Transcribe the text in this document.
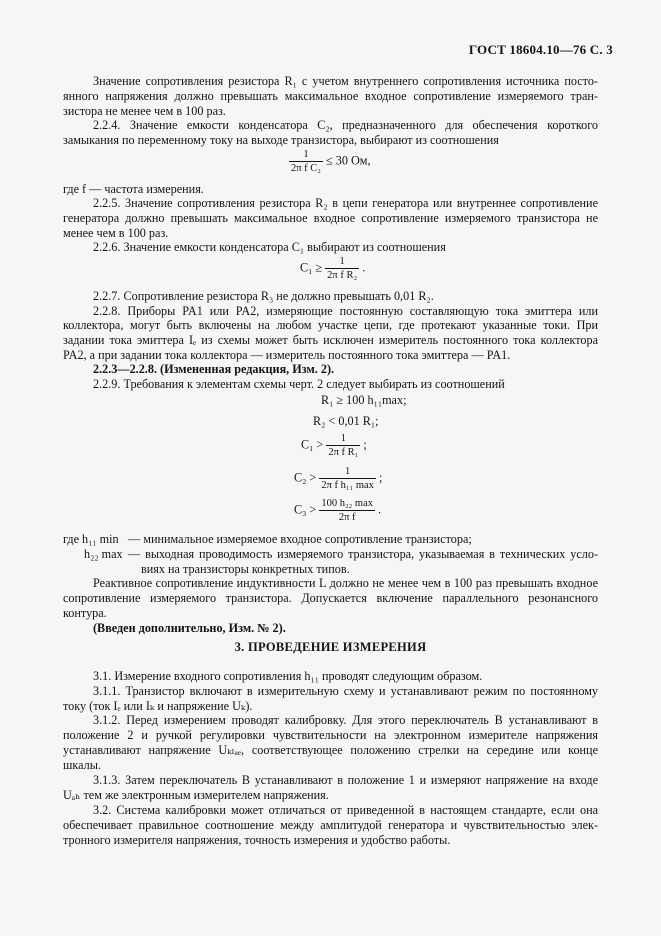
ГОСТ 18604.10—76 С. 3
Значение сопротивления резистора R₁ с учетом внутреннего сопротивления источника посто-
янного напряжения должно превышать максимальное входное сопротивление измеряемого тран-
зистора не менее чем в 100 раз.
2.2.4. Значение емкости конденсатора C₂, предназначенного для обеспечения короткого
замыкания по переменному току на выходе транзистора, выбирают из соотношения
$\frac{1}{\text{2π f C₂}} \le 30$ Ом,
где f — частота измерения.
2.2.5. Значение сопротивления резистора R₂ в цепи генератора или внутреннее сопротивление
генератора должно превышать максимальное входное сопротивление измеряемого транзистора не
менее чем в 100 раз.
2.2.6. Значение емкости конденсатора C₁ выбирают из соотношения
$C_1 \ge \frac{1}{\text{2π f R₂}}$ .
2.2.7. Сопротивление резистора R₃ не должно превышать 0,01 R₂.
2.2.8. Приборы PA1 или PA2, измеряющие постоянную составляющую тока эмиттера или
коллектора, могут быть включены на любом участке цепи, где протекают указанные токи. При
задании тока эмиттера Iₑ из схемы может быть исключен измеритель постоянного тока коллектора
PA2, а при задании тока коллектора — измеритель постоянного тока эмиттера — PA1.
2.2.3—2.2.8. (Измененная редакция, Изм. 2).
2.2.9. Требования к элементам схемы черт. 2 следует выбирать из соотношений
R₁ ≥ 100 h₁₁max;
R₂ < 0,01 R₁;
$C_1 > \frac{1}{\text{2π f R₁}}$ ;
$C_2 > \frac{1}{\text{2π f h₁₁ max}}$ ;
$C_3 > \frac{\text{100 h₂₂ max}}{\text{2π f}}$ .
где h₁₁ min — минимальное измеряемое входное сопротивление транзистора;
h₂₂ max — выходная проводимость измеряемого транзистора, указываемая в технических усло-
виях на транзисторы конкретных типов.
Реактивное сопротивление индуктивности L должно не менее чем в 100 раз превышать входное
сопротивление измеряемого транзистора. Допускается включение параллельного резонансного
контура.
(Введен дополнительно, Изм. № 2).
3. ПРОВЕДЕНИЕ ИЗМЕРЕНИЯ
3.1. Измерение входного сопротивления h₁₁ проводят следующим образом.
3.1.1. Транзистор включают в измерительную схему и устанавливают режим по постоянному
току (ток Iₑ или Iₖ и напряжение Uₖ).
3.1.2. Перед измерением проводят калибровку. Для этого переключатель B устанавливают в
положение 2 и ручкой регулировки чувствительности на электронном измерителе напряжения
устанавливают напряжение Uₖₗₐₑ, соответствующее положению стрелки на середине или конце
шкалы.
3.1.3. Затем переключатель B устанавливают в положение 1 и измеряют напряжение на входе
Uₐₕ тем же электронным измерителем напряжения.
3.2. Система калибровки может отличаться от приведенной в настоящем стандарте, если она
обеспечивает правильное соотношение между амплитудой генератора и чувствительностью элек-
тронного измерителя напряжения, точность измерения и удобство работы.
